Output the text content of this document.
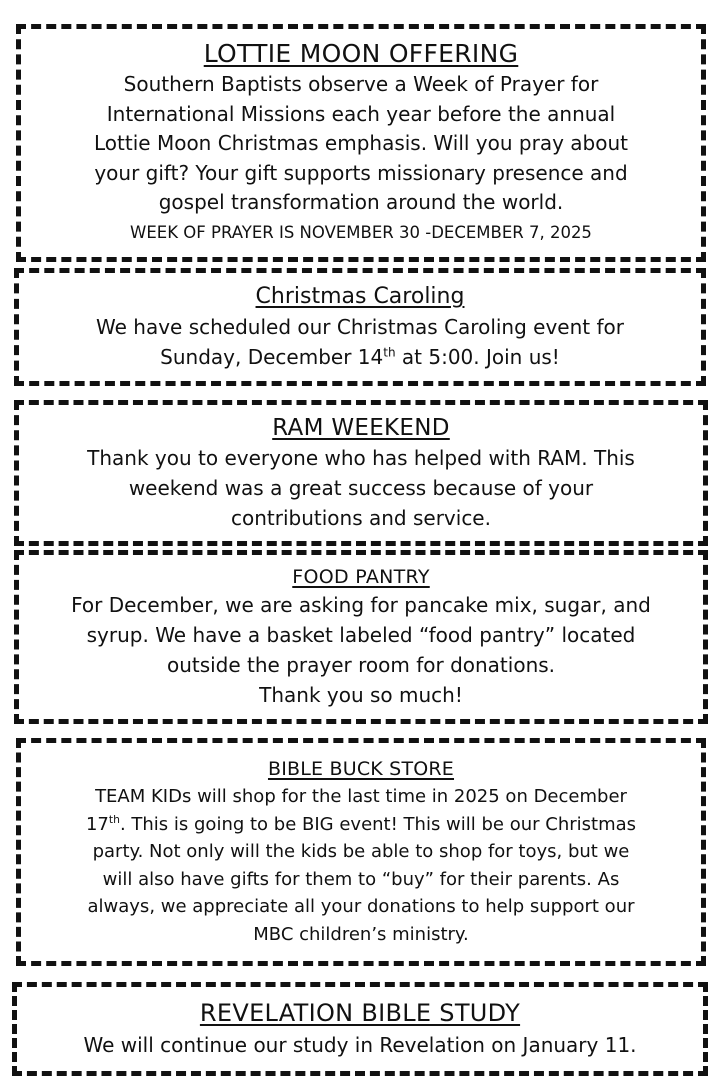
LOTTIE MOON OFFERING

Southern Baptists observe a Week of Prayer for

International Missions each year before the annual

Lottie Moon Christmas emphasis. Will you pray about

your gift? Your gift supports missionary presence and

gospel transformation around the world.

WEEK OF PRAYER IS NOVEMBER 30 -DECEMBER 7, 2025

Christmas Caroling

We have scheduled our Christmas Caroling event for

Sunday, December 14th at 5:00. Join us!

RAM WEEKEND

Thank you to everyone who has helped with RAM. This

weekend was a great success because of your

contributions and service.

FOOD PANTRY

For December, we are asking for pancake mix, sugar, and

syrup. We have a basket labeled “food pantry” located

outside the prayer room for donations.

Thank you so much!

BIBLE BUCK STORE

TEAM KIDs will shop for the last time in 2025 on December

17th. This is going to be BIG event! This will be our Christmas

party. Not only will the kids be able to shop for toys, but we

will also have gifts for them to “buy” for their parents. As

always, we appreciate all your donations to help support our

MBC children’s ministry.

REVELATION BIBLE STUDY

We will continue our study in Revelation on January 11.
